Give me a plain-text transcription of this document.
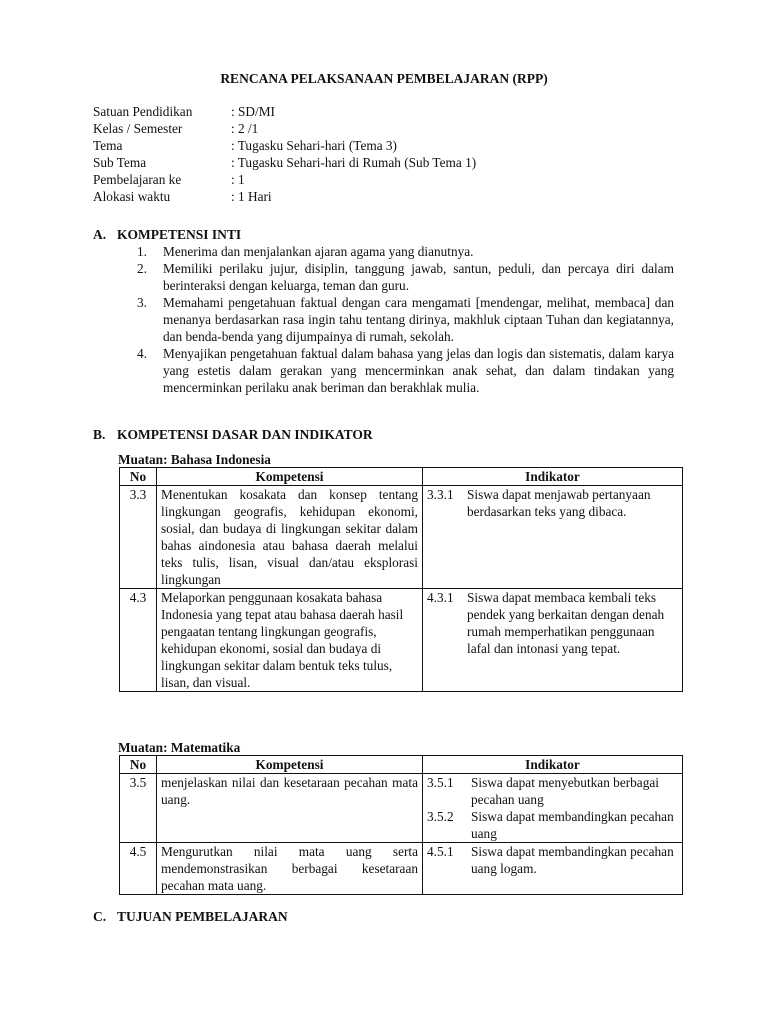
RENCANA PELAKSANAAN PEMBELAJARAN (RPP)
Satuan Pendidikan	: SD/MI
Kelas / Semester	: 2 /1
Tema	: Tugasku Sehari-hari (Tema 3)
Sub Tema	: Tugasku Sehari-hari di Rumah (Sub Tema 1)
Pembelajaran ke	: 1
Alokasi waktu	: 1 Hari
A. KOMPETENSI INTI
1.	Menerima dan menjalankan ajaran agama yang dianutnya.
2.	Memiliki perilaku jujur, disiplin, tanggung jawab, santun, peduli, dan percaya diri dalam berinteraksi dengan keluarga, teman dan guru.
3.	Memahami pengetahuan faktual dengan cara mengamati [mendengar, melihat, membaca] dan menanya berdasarkan rasa ingin tahu tentang dirinya, makhluk ciptaan Tuhan dan kegiatannya, dan benda-benda yang dijumpainya di rumah, sekolah.
4.	Menyajikan pengetahuan faktual dalam bahasa yang jelas dan logis dan sistematis, dalam karya yang estetis dalam gerakan yang mencerminkan anak sehat, dan dalam tindakan yang mencerminkan perilaku anak beriman dan berakhlak mulia.
B. KOMPETENSI DASAR DAN INDIKATOR
Muatan: Bahasa Indonesia
No	Kompetensi	Indikator
3.3	Menentukan kosakata dan konsep tentang lingkungan geografis, kehidupan ekonomi, sosial, dan budaya di lingkungan sekitar dalam bahas aindonesia atau bahasa daerah melalui teks tulis, lisan, visual dan/atau eksplorasi lingkungan	3.3.1 Siswa dapat menjawab pertanyaan berdasarkan teks yang dibaca.

4.3	Melaporkan penggunaan kosakata bahasa Indonesia yang tepat atau bahasa daerah hasil pengaatan tentang lingkungan geografis, kehidupan ekonomi, sosial dan budaya di lingkungan sekitar dalam bentuk teks tulus, lisan, dan visual.	4.3.1 Siswa dapat membaca kembali teks pendek yang berkaitan dengan denah rumah memperhatikan penggunaan lafal dan intonasi yang tepat.
Muatan: Matematika
No	Kompetensi	Indikator
3.5	menjelaskan nilai dan kesetaraan pecahan mata uang.	3.5.1 Siswa dapat menyebutkan berbagai pecahan uang
3.5.2 Siswa dapat membandingkan pecahan uang

4.5	Mengurutkan nilai mata uang serta mendemonstrasikan berbagai kesetaraan pecahan mata uang.	4.5.1 Siswa dapat membandingkan pecahan uang logam.
C. TUJUAN PEMBELAJARAN
